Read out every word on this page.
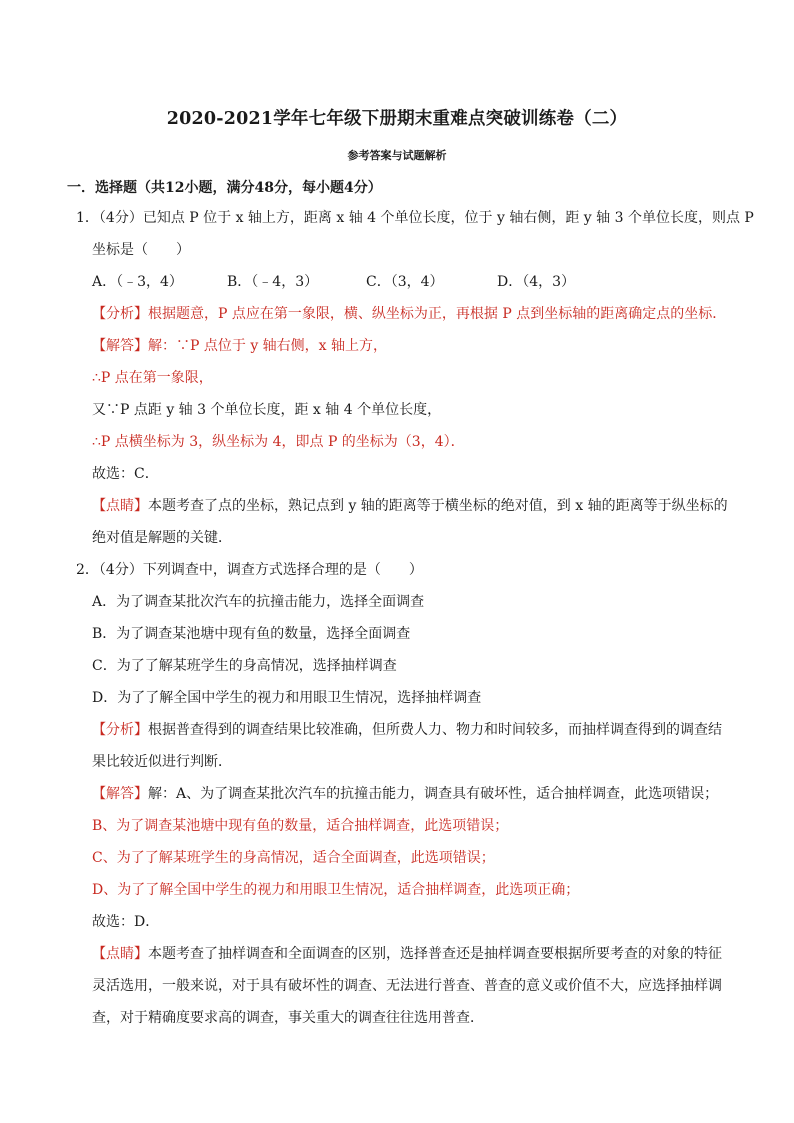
2020-2021学年七年级下册期末重难点突破训练卷（二）
参考答案与试题解析
一．选择题（共12小题，满分48分，每小题4分）
1．（4分）已知点 P 位于 x 轴上方，距离 x 轴 4 个单位长度，位于 y 轴右侧，距 y 轴 3 个单位长度，则点 P
坐标是（　　）
A．（﹣3，4）	B．（﹣4，3）	C．（3，4）	D．（4，3）
【分析】根据题意，P 点应在第一象限，横、纵坐标为正，再根据 P 点到坐标轴的距离确定点的坐标．
【解答】解：∵P 点位于 y 轴右侧，x 轴上方，
∴P 点在第一象限，
又∵P 点距 y 轴 3 个单位长度，距 x 轴 4 个单位长度，
∴P 点横坐标为 3，纵坐标为 4，即点 P 的坐标为（3，4）．
故选：C．
【点睛】本题考查了点的坐标，熟记点到 y 轴的距离等于横坐标的绝对值，到 x 轴的距离等于纵坐标的
绝对值是解题的关键．
2．（4分）下列调查中，调查方式选择合理的是（　　）
A．为了调查某批次汽车的抗撞击能力，选择全面调查
B．为了调查某池塘中现有鱼的数量，选择全面调查
C．为了了解某班学生的身高情况，选择抽样调查
D．为了了解全国中学生的视力和用眼卫生情况，选择抽样调查
【分析】根据普查得到的调查结果比较准确，但所费人力、物力和时间较多，而抽样调查得到的调查结
果比较近似进行判断．
【解答】解：A、为了调查某批次汽车的抗撞击能力，调查具有破坏性，适合抽样调查，此选项错误；
B、为了调查某池塘中现有鱼的数量，适合抽样调查，此选项错误；
C、为了了解某班学生的身高情况，适合全面调查，此选项错误；
D、为了了解全国中学生的视力和用眼卫生情况，适合抽样调查，此选项正确；
故选：D．
【点睛】本题考查了抽样调查和全面调查的区别，选择普查还是抽样调查要根据所要考查的对象的特征
灵活选用，一般来说，对于具有破坏性的调查、无法进行普查、普查的意义或价值不大，应选择抽样调
查，对于精确度要求高的调查，事关重大的调查往往选用普查．
